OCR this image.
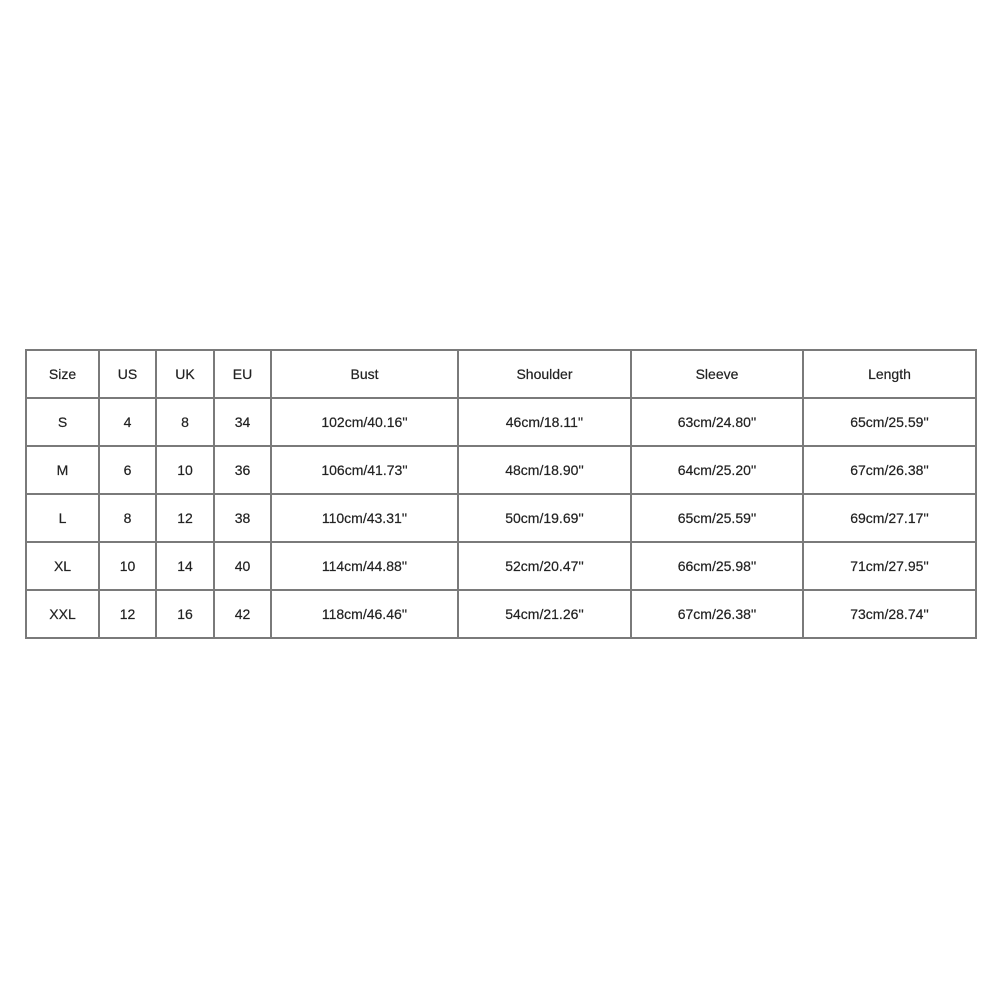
Size	US	UK	EU	Bust	Shoulder	Sleeve	Length
S	4	8	34	102cm/40.16''	46cm/18.11''	63cm/24.80''	65cm/25.59''
M	6	10	36	106cm/41.73''	48cm/18.90''	64cm/25.20''	67cm/26.38''
L	8	12	38	110cm/43.31''	50cm/19.69''	65cm/25.59''	69cm/27.17''
XL	10	14	40	114cm/44.88''	52cm/20.47''	66cm/25.98''	71cm/27.95''
XXL	12	16	42	118cm/46.46''	54cm/21.26''	67cm/26.38''	73cm/28.74''
